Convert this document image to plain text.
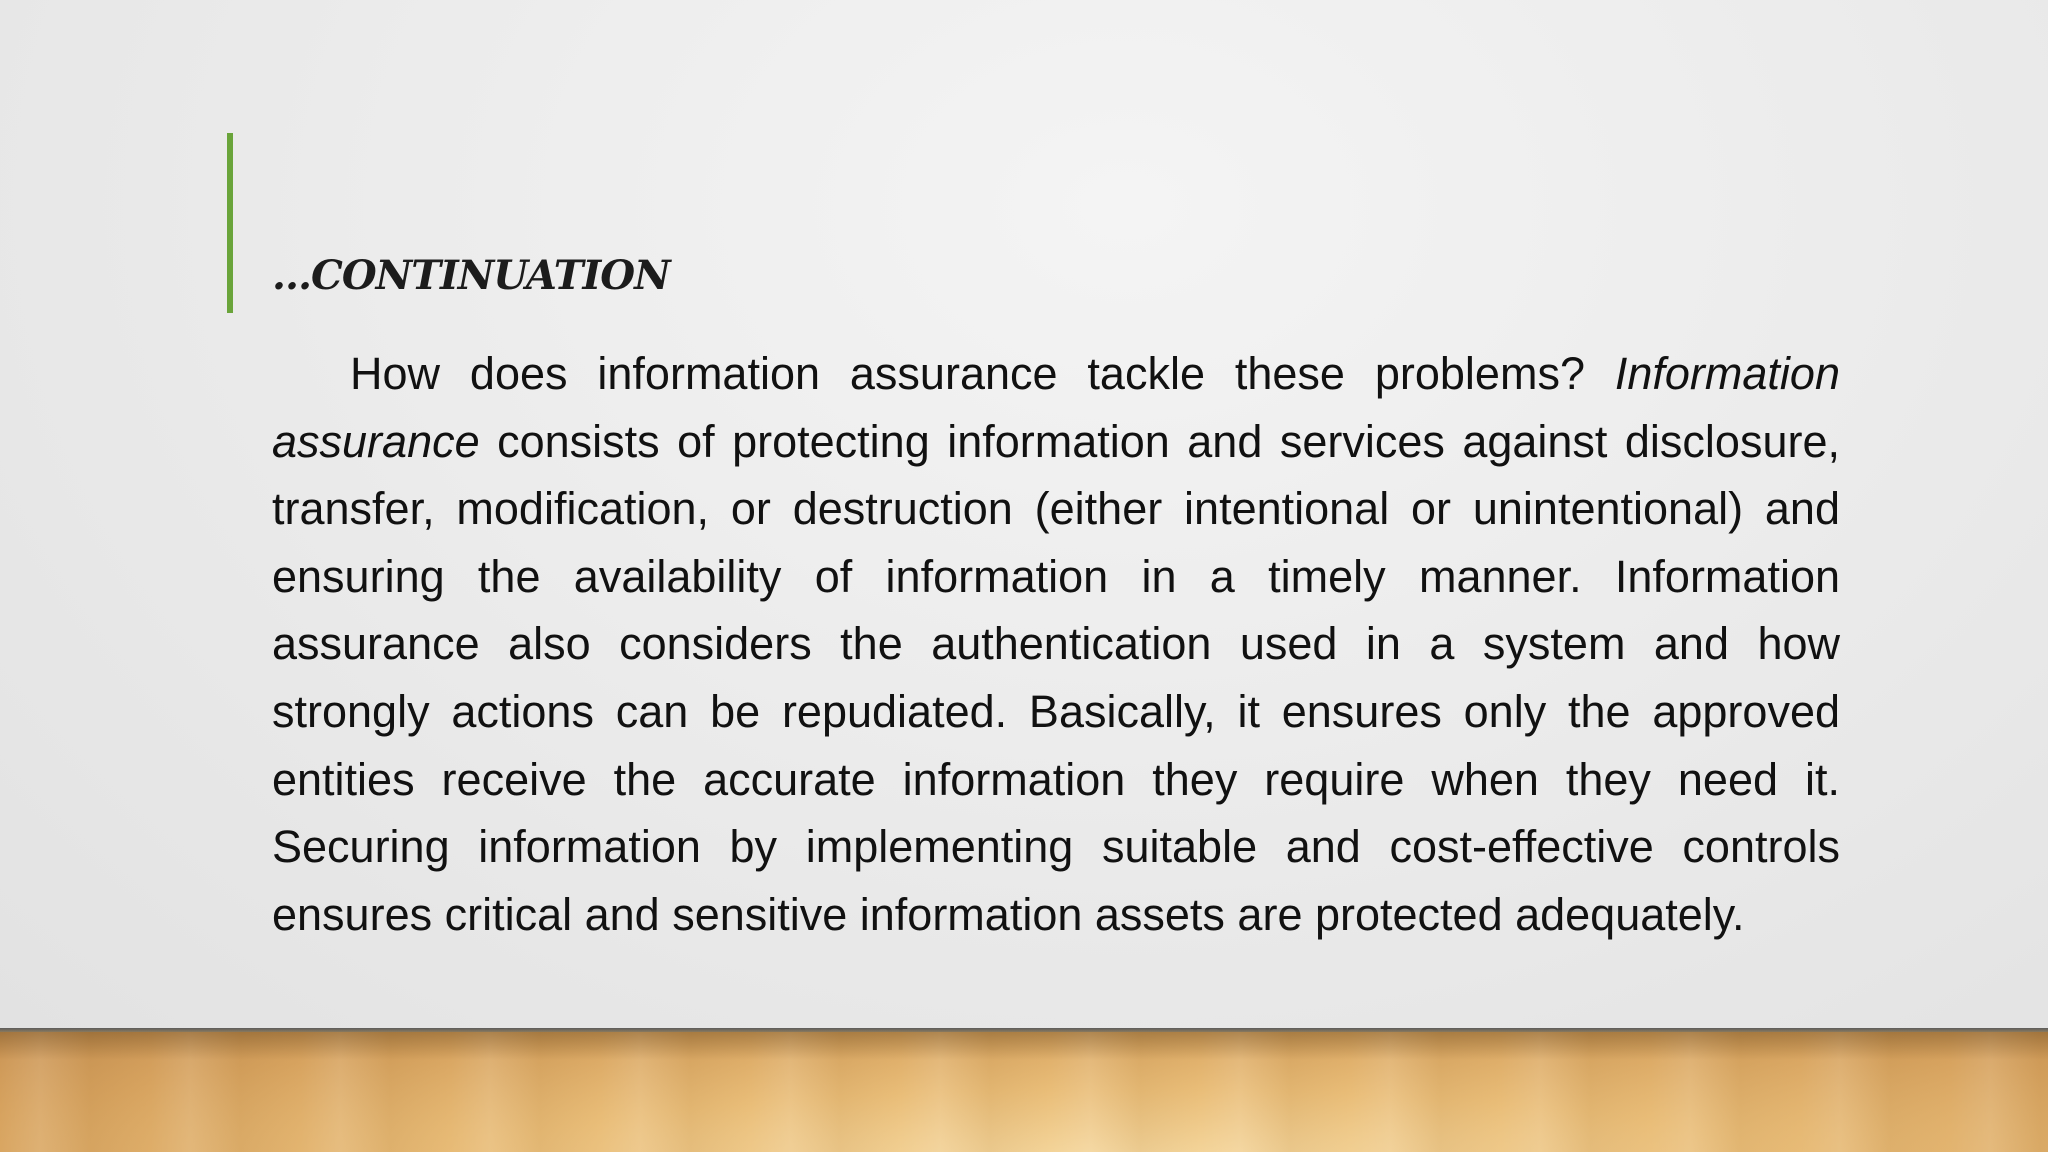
…CONTINUATION

How does information assurance tackle these problems? Information assurance consists of protecting information and services against disclosure, transfer, modification, or destruction (either intentional or unintentional) and ensuring the availability of information in a timely manner. Information assurance also considers the authentication used in a system and how strongly actions can be repudiated. Basically, it ensures only the approved entities receive the accurate information they require when they need it. Securing information by implementing suitable and cost-effective controls ensures critical and sensitive information assets are protected adequately.
